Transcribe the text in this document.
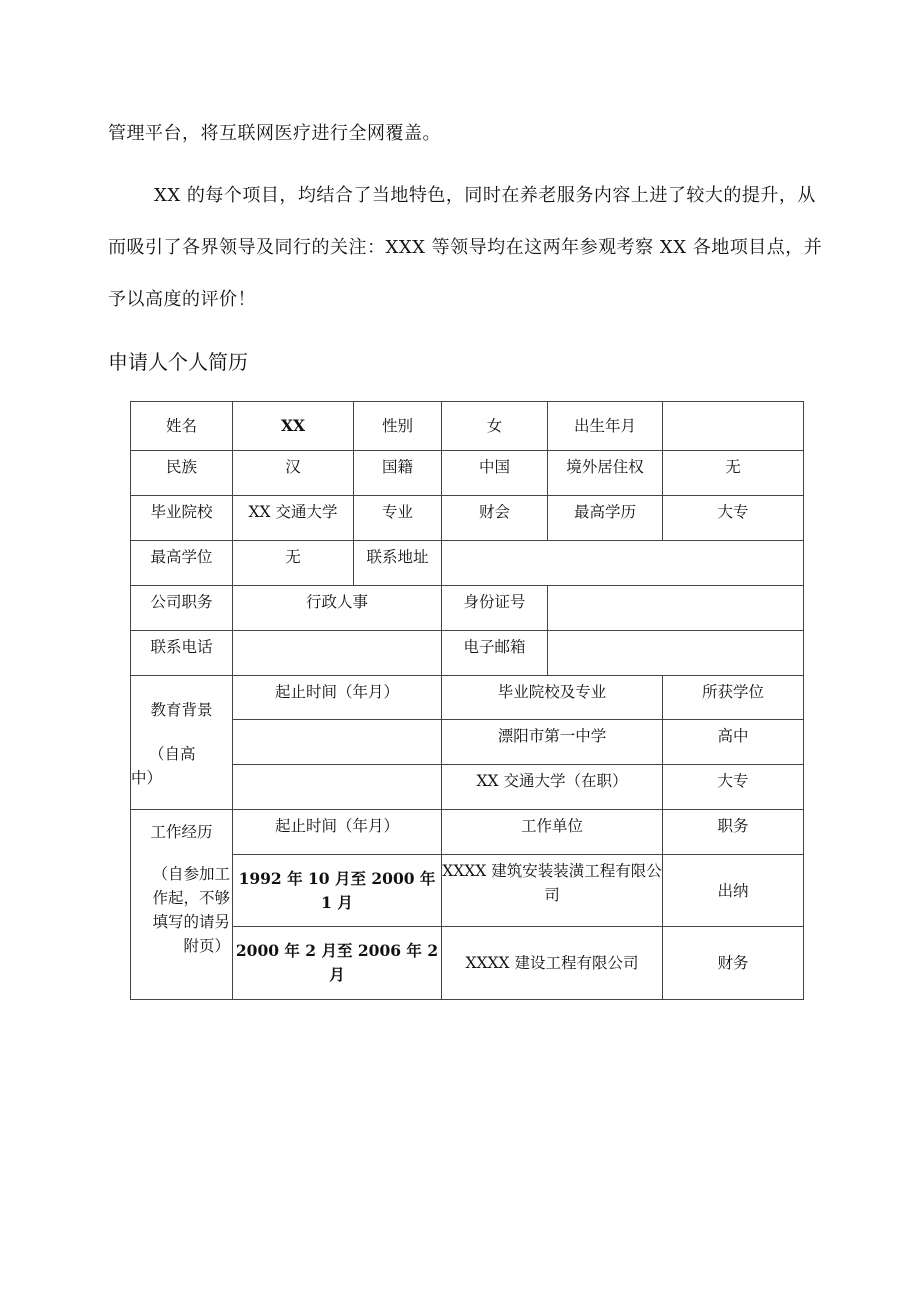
管理平台，将互联网医疗进行全网覆盖。

XX 的每个项目，均结合了当地特色，同时在养老服务内容上进了较大的提升，从而吸引了各界领导及同行的关注：XXX 等领导均在这两年参观考察 XX 各地项目点，并予以高度的评价！

申请人个人简历
姓名	XX	性别	女	出生年月	
民族	汉	国籍	中国	境外居住权	无
毕业院校	XX 交通大学	专业	财会	最高学历	大专
最高学位	无	联系地址			
公司职务	行政人事		身份证号		
联系电话			电子邮箱		
教育背景
（自高
中）	起止时间（年月）		毕业院校及专业		所获学位
			漂阳市第一中学		高中
			XX 交通大学（在职）		大专
工作经历
（自参加工作起，不够填写的请另附页）	起止时间（年月）		工作单位		职务
	1992 年 10 月至 2000 年 1 月		XXXX 建筑安装装潢工程有限公司		出纳
	2000 年 2 月至 2006 年 2 月		XXXX 建设工程有限公司		财务
